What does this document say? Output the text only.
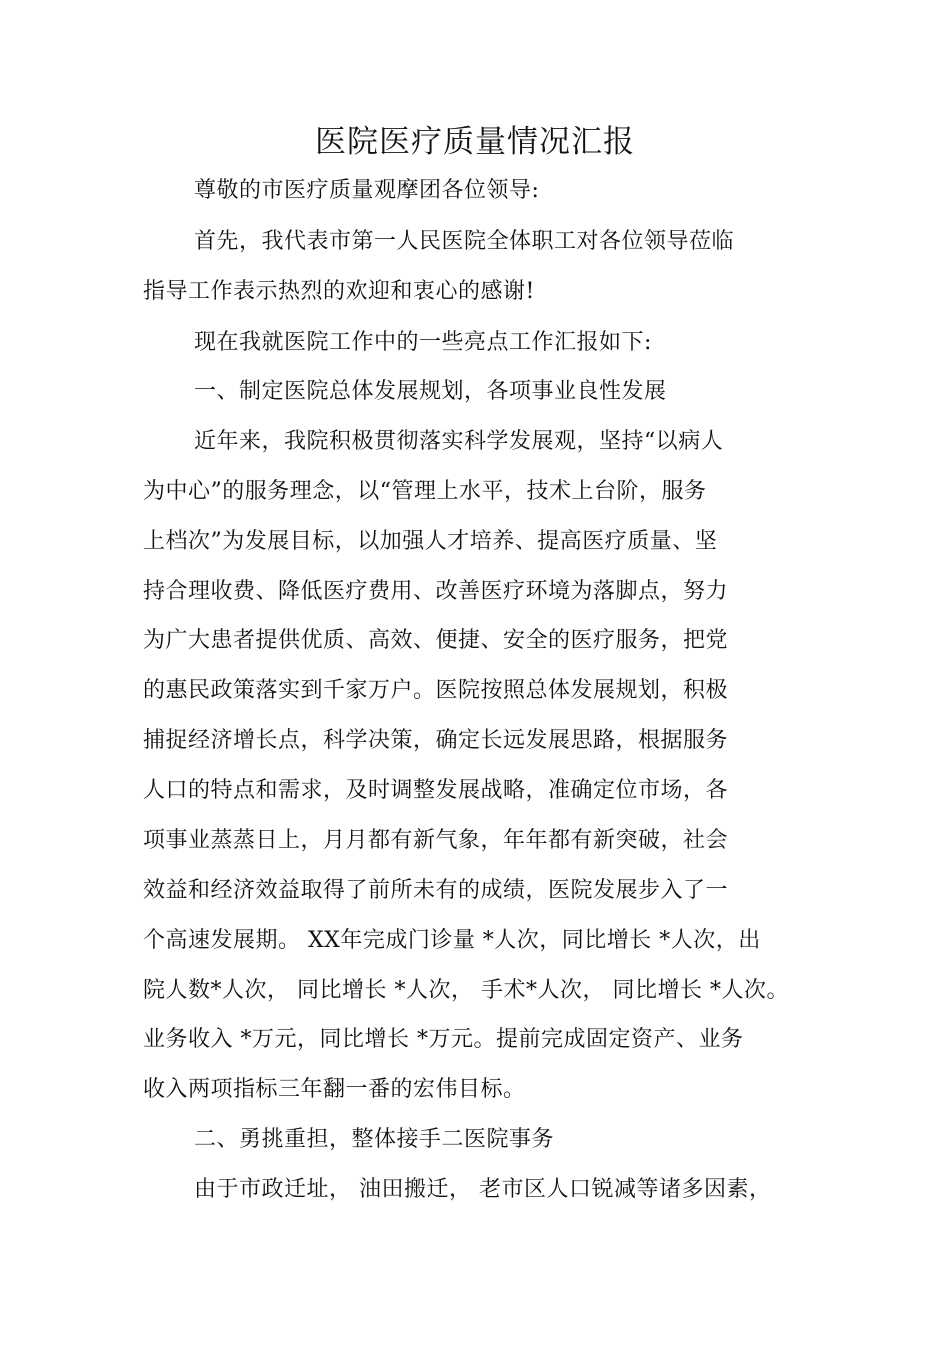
医院医疗质量情况汇报
尊敬的市医疗质量观摩团各位领导:
首先，我代表市第一人民医院全体职工对各位领导莅临
指导工作表示热烈的欢迎和衷心的感谢!
现在我就医院工作中的一些亮点工作汇报如下:
一、制定医院总体发展规划，各项事业良性发展
近年来，我院积极贯彻落实科学发展观，坚持“以病人
为中心”的服务理念，以“管理上水平，技术上台阶，服务
上档次”为发展目标，以加强人才培养、提高医疗质量、坚
持合理收费、降低医疗费用、改善医疗环境为落脚点，努力
为广大患者提供优质、高效、便捷、安全的医疗服务，把党
的惠民政策落实到千家万户。医院按照总体发展规划，积极
捕捉经济增长点，科学决策，确定长远发展思路，根据服务
人口的特点和需求，及时调整发展战略，准确定位市场，各
项事业蒸蒸日上，月月都有新气象，年年都有新突破，社会
效益和经济效益取得了前所未有的成绩，医院发展步入了一
个高速发展期。 XX年完成门诊量 *人次，同比增长 *人次，出
院人数*人次， 同比增长 *人次， 手术*人次， 同比增长 *人次。
业务收入 *万元，同比增长 *万元。提前完成固定资产、业务
收入两项指标三年翻一番的宏伟目标。
二、勇挑重担，整体接手二医院事务
由于市政迁址， 油田搬迁， 老市区人口锐减等诸多因素，
